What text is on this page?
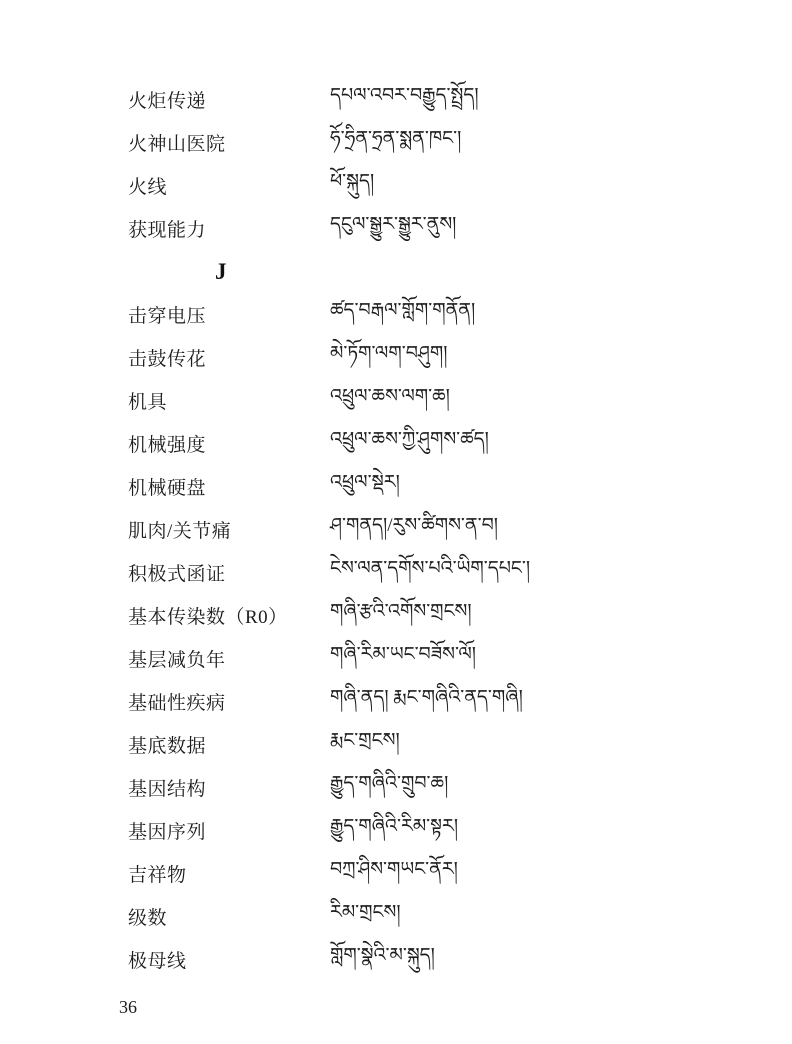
火炬传递	དཔལ་འབར་བརྒྱུད་སྤྲོད།
火神山医院	ཧོ་ཧྲིན་ཧྲན་སྨན་ཁང་།
火线	ཕོ་སྐུད།
获现能力	དངུལ་སྒྱུར་སྒྱུར་ནུས།
J
击穿电压	ཚད་བརྒལ་གློག་གནོན།
击鼓传花	མེ་ཏོག་ལག་བཤུག།
机具	འཕྲུལ་ཆས་ལག་ཆ།
机械强度	འཕྲུལ་ཆས་ཀྱི་ཤུགས་ཚད།
机械硬盘	འཕྲུལ་སྡེར།
肌肉/关节痛	ཤ་གནད།/རུས་ཚིགས་ན་བ།
积极式函证	ངེས་ལན་དགོས་པའི་ཡིག་དཔང་།
基本传染数（R0）	གཞི་རྩའི་འགོས་གྲངས།
基层减负年	གཞི་རིམ་ཡང་བཟོས་ལོ།
基础性疾病	གཞི་ནད། རྨང་གཞིའི་ནད་གཞི།
基底数据	རྨང་གྲངས།
基因结构	རྒྱུད་གཞིའི་གྲུབ་ཆ།
基因序列	རྒྱུད་གཞིའི་རིམ་སྟར།
吉祥物	བཀྲ་ཤིས་གཡང་ནོར།
级数	རིམ་གྲངས།
极母线	གློག་སྣེའི་མ་སྐུད།
36
